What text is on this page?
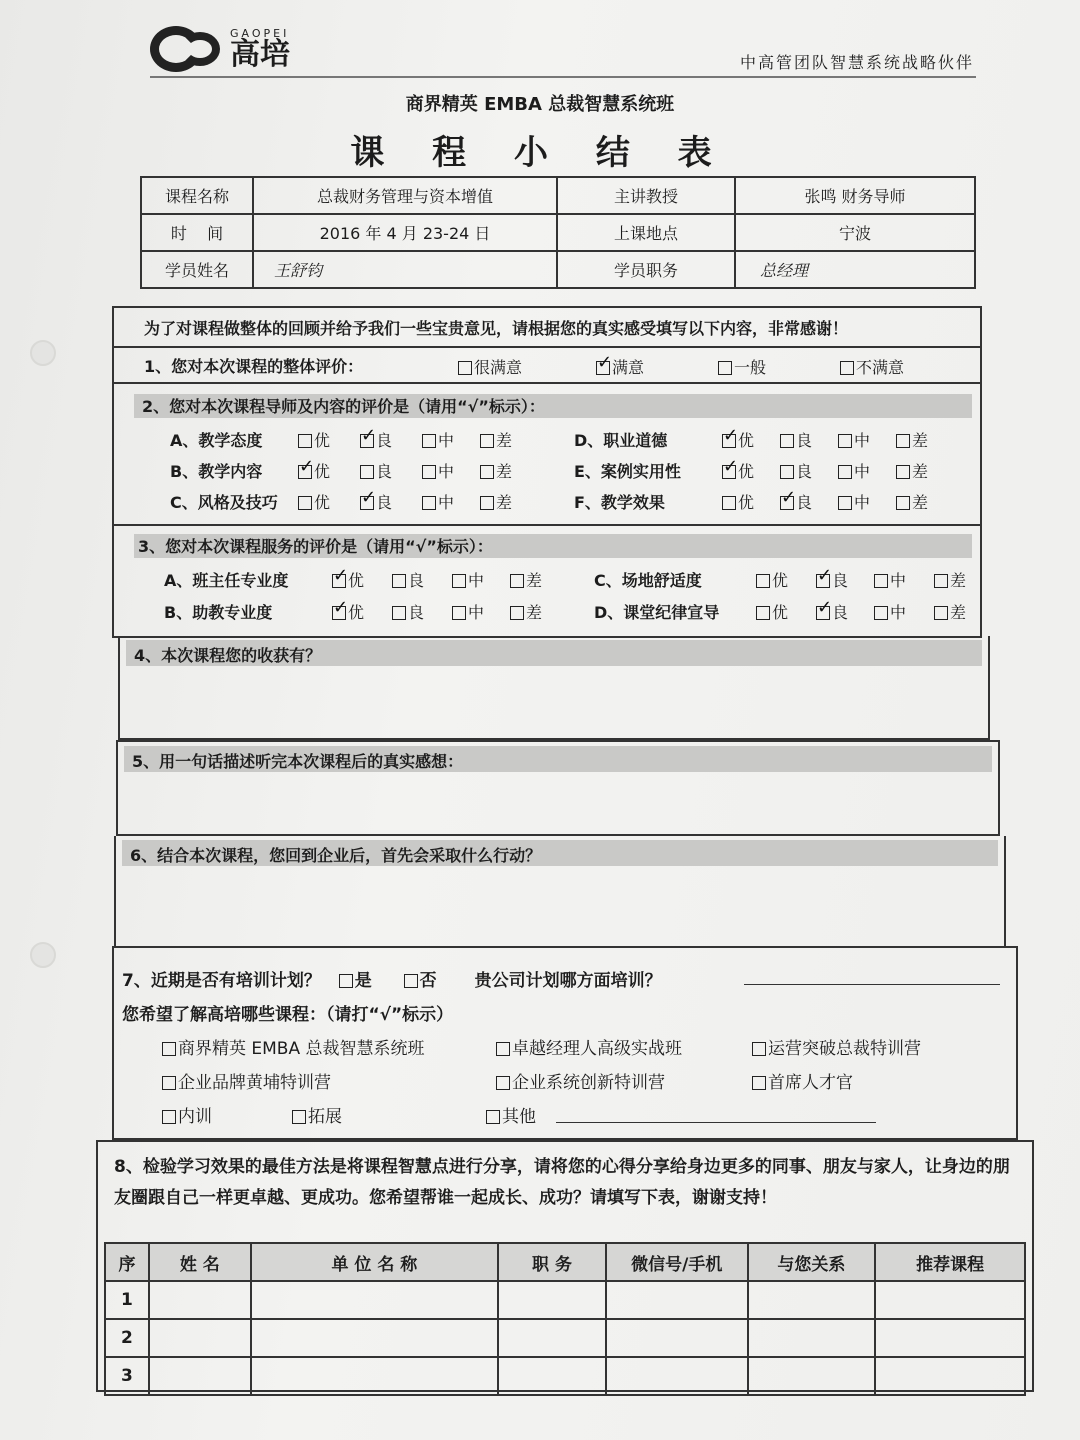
GAOPEI
高培	中高管团队智慧系统战略伙伴
商界精英 EMBA 总裁智慧系统班
课 程 小 结 表
课程名称	总裁财务管理与资本增值	主讲教授	张鸣 财务导师
时    间	2016 年 4 月 23-24 日	上课地点	宁波
学员姓名	王舒钧	学员职务	总经理
为了对课程做整体的回顾并给予我们一些宝贵意见，请根据您的真实感受填写以下内容，非常感谢！
1、您对本次课程的整体评价：	很满意 ✓	满意	一般	不满意
2、您对本次课程导师及内容的评价是（请用“√”标示）：
A、教学态度	优 ✓	良	中	差
B、教学内容 ✓	优	良	中	差
C、风格及技巧	优 ✓	良	中	差
D、职业道德 ✓	优	良	中	差
E、案例实用性 ✓	优	良	中	差
F、教学效果	优 ✓	良	中	差
3、您对本次课程服务的评价是（请用“√”标示）：
A、班主任专业度 ✓	优	良	中	差
B、助教专业度 ✓	优	良	中	差
C、场地舒适度	优 ✓	良	中	差
D、课堂纪律宣导	优 ✓	良	中	差
4、本次课程您的收获有？
5、用一句话描述听完本次课程后的真实感想：
6、结合本次课程，您回到企业后，首先会采取什么行动？
7、近期是否有培训计划？ 是	否 贵公司计划哪方面培训？
您希望了解高培哪些课程：（请打“√”标示）
商界精英 EMBA 总裁智慧系统班	卓越经理人高级实战班	运营突破总裁特训营
企业品牌黄埔特训营	企业系统创新特训营	首席人才官
内训	拓展	其他
8、检验学习效果的最佳方法是将课程智慧点进行分享，请将您的心得分享给身边更多的同事、朋友与家人，让身边的朋友圈跟自己一样更卓越、更成功。您希望帮谁一起成长、成功？请填写下表，谢谢支持！
序	姓 名	单 位 名 称	职 务	微信号/手机	与您关系	推荐课程
1						
2						
3						
